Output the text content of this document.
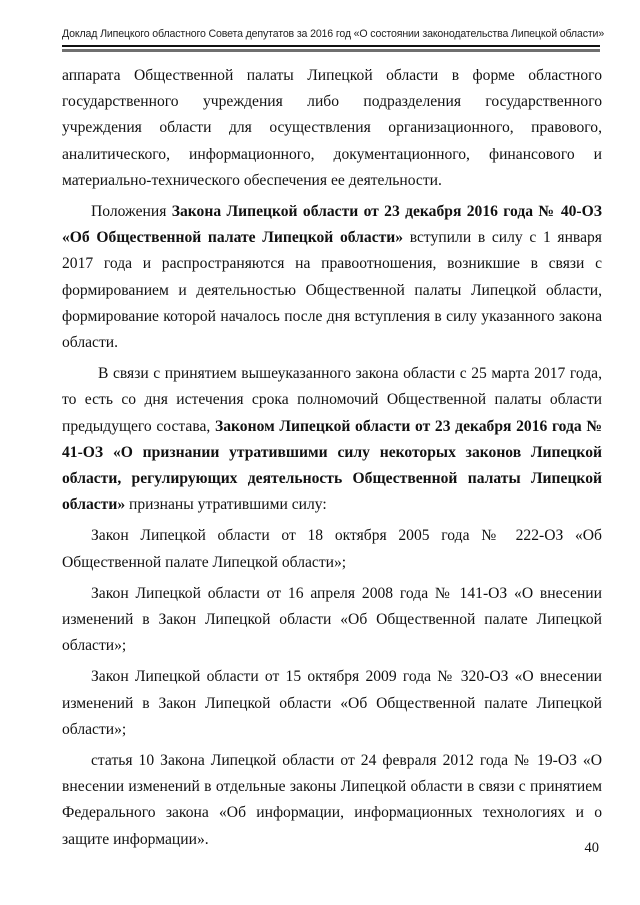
Доклад Липецкого областного Совета депутатов за 2016 год «О состоянии законодательства Липецкой области»

аппарата Общественной палаты Липецкой области в форме областного государственного учреждения либо подразделения государственного учреждения области для осуществления организационного, правового, аналитического, информационного, документационного, финансового и материально-технического обеспечения ее деятельности.

Положения Закона Липецкой области от 23 декабря 2016 года № 40-ОЗ «Об Общественной палате Липецкой области» вступили в силу с 1 января 2017 года и распространяются на правоотношения, возникшие в связи с формированием и деятельностью Общественной палаты Липецкой области, формирование которой началось после дня вступления в силу указанного закона области.

В связи с принятием вышеуказанного закона области с 25 марта 2017 года, то есть со дня истечения срока полномочий Общественной палаты области предыдущего состава, Законом Липецкой области от 23 декабря 2016 года № 41-ОЗ «О признании утратившими силу некоторых законов Липецкой области, регулирующих деятельность Общественной палаты Липецкой области» признаны утратившими силу:

Закон Липецкой области от 18 октября 2005 года № 222-ОЗ «Об Общественной палате Липецкой области»;

Закон Липецкой области от 16 апреля 2008 года № 141-ОЗ «О внесении изменений в Закон Липецкой области «Об Общественной палате Липецкой области»;

Закон Липецкой области от 15 октября 2009 года № 320-ОЗ «О внесении изменений в Закон Липецкой области «Об Общественной палате Липецкой области»;

статья 10 Закона Липецкой области от 24 февраля 2012 года № 19-ОЗ «О внесении изменений в отдельные законы Липецкой области в связи с принятием Федерального закона «Об информации, информационных технологиях и о защите информации».

40
